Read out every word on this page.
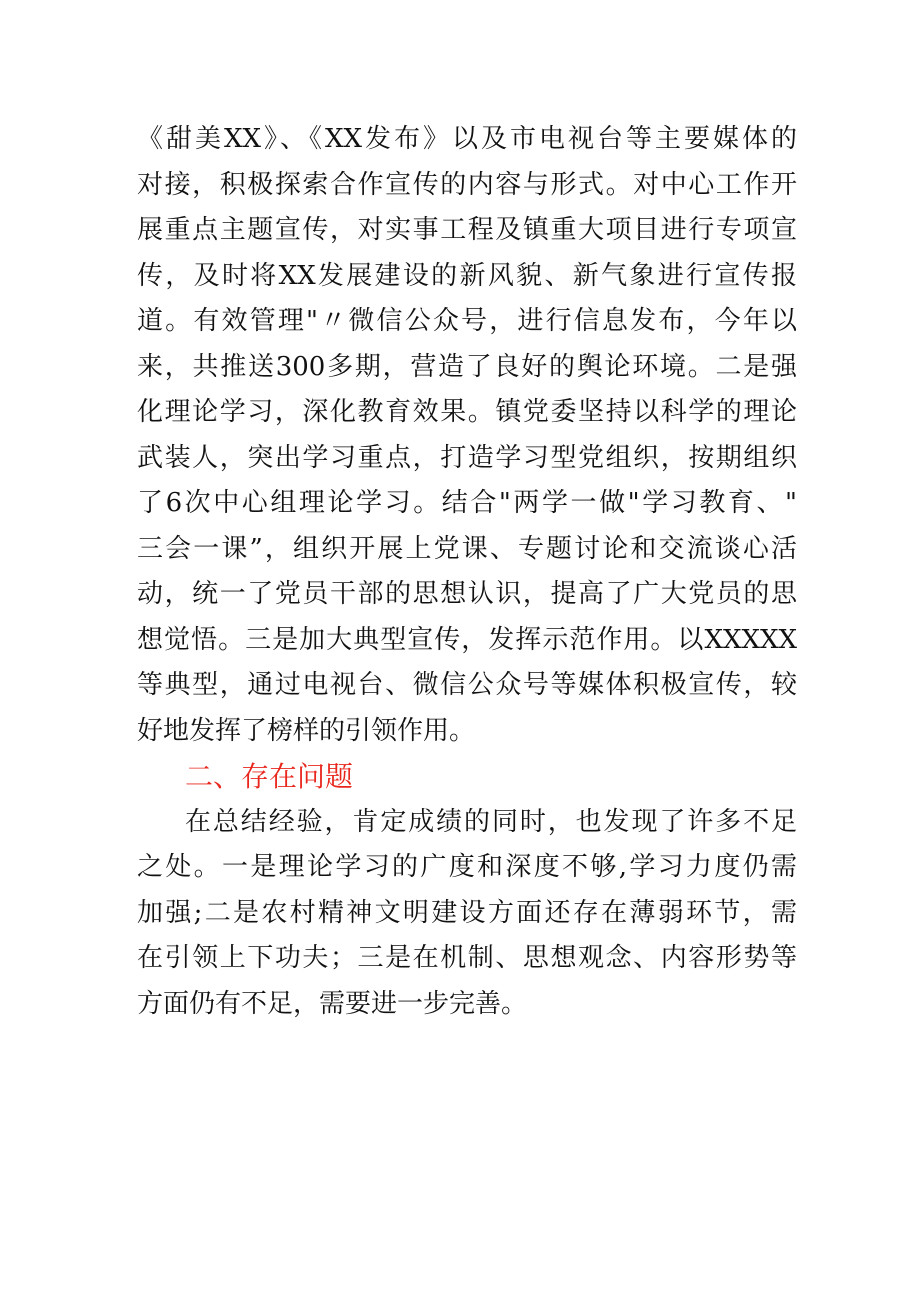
《甜美XX》、《XX发布》以及市电视台等主要媒体的
对接，积极探索合作宣传的内容与形式。对中心工作开
展重点主题宣传，对实事工程及镇重大项目进行专项宣
传，及时将XX发展建设的新风貌、新气象进行宣传报
道。有效管理"〃微信公众号，进行信息发布，今年以
来，共推送300多期，营造了良好的舆论环境。二是强
化理论学习，深化教育效果。镇党委坚持以科学的理论
武装人，突出学习重点，打造学习型党组织，按期组织
了6次中心组理论学习。结合"两学一做"学习教育、"
三会一课”，组织开展上党课、专题讨论和交流谈心活
动，统一了党员干部的思想认识，提高了广大党员的思
想觉悟。三是加大典型宣传，发挥示范作用。以XXXXX
等典型，通过电视台、微信公众号等媒体积极宣传，较
好地发挥了榜样的引领作用。
二、存在问题
在总结经验，肯定成绩的同时，也发现了许多不足
之处。一是理论学习的广度和深度不够,学习力度仍需
加强;二是农村精神文明建设方面还存在薄弱环节，需
在引领上下功夫；三是在机制、思想观念、内容形势等
方面仍有不足，需要进一步完善。
